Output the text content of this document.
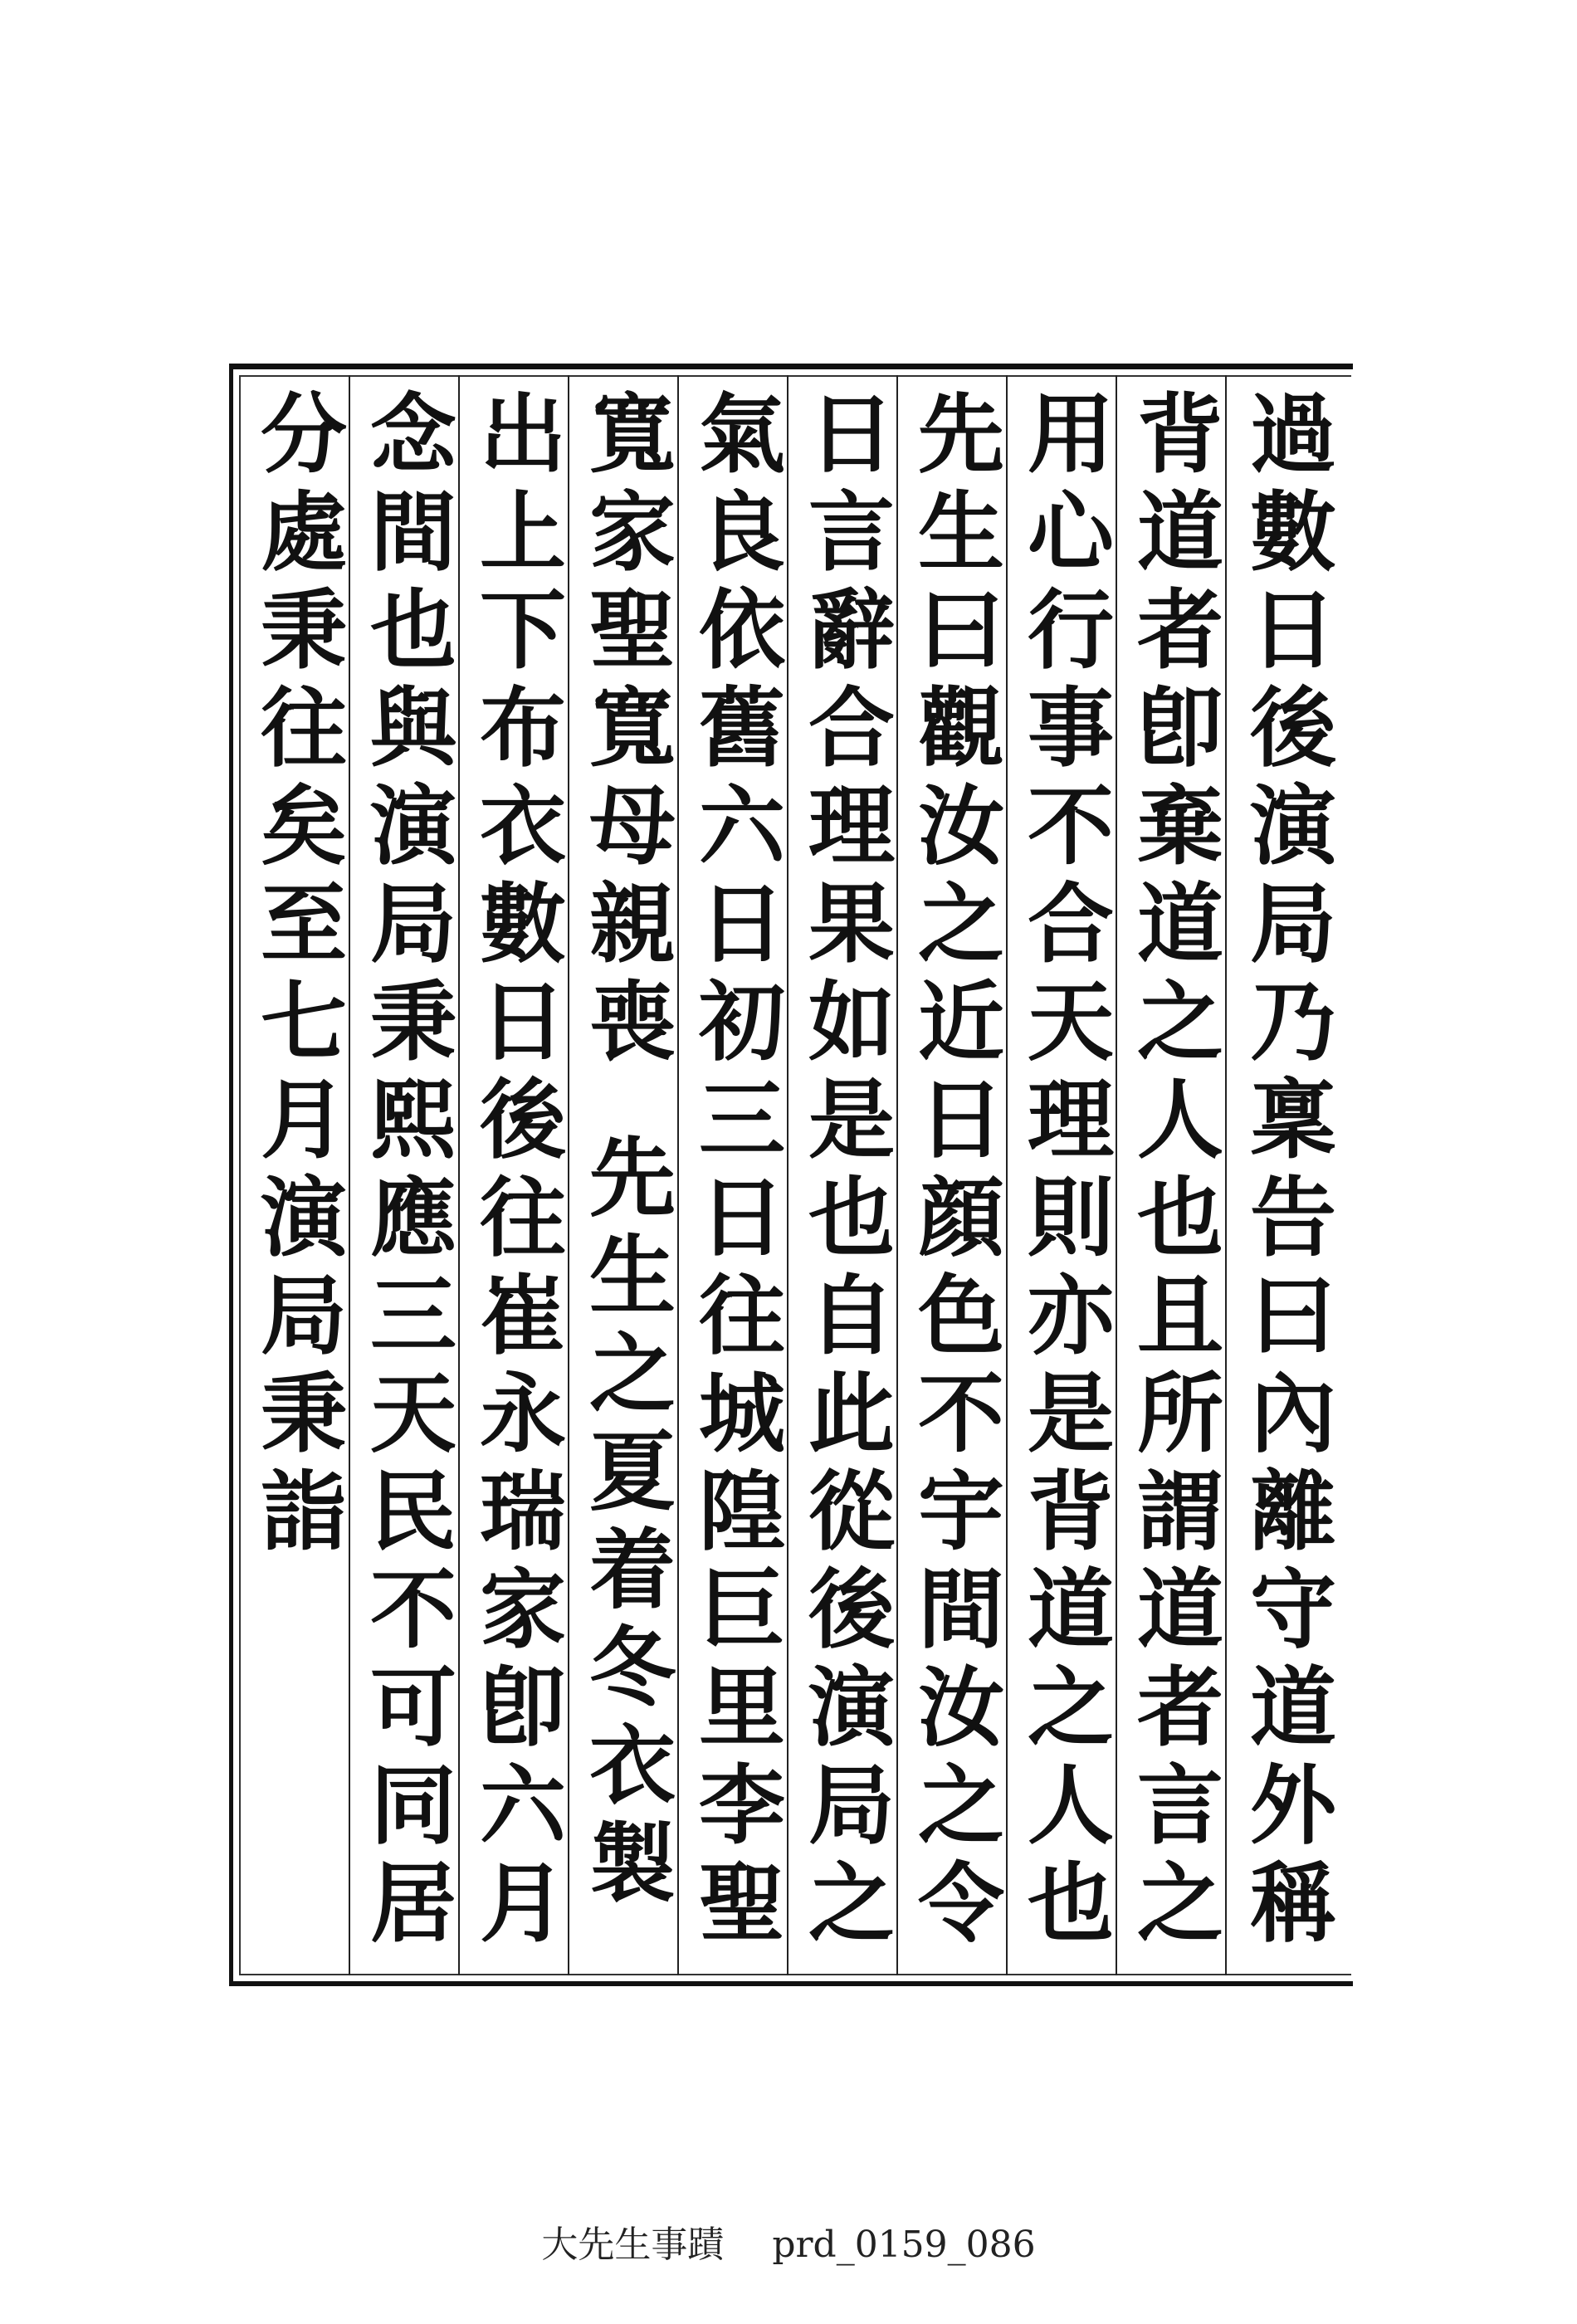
過數日後演局乃稟告曰內離守道外稱
背道者卽棄道之人也且所謂道者言之
用心行事不合天理則亦是背道之人也
先生曰觀汝之近日顔色不宇間汝之令
日言辭合理果如是也自此從後演局之
氣良依舊六日初三日往城隍巨里李聖
寬家聖寬母親喪
先生之夏着冬衣製
出上下布衣數日後往崔永瑞家卽六月
念間也與演局秉熙應三天民不可同居
分處秉往矣至七月演局秉詣
大先生事蹟 prd_0159_086
